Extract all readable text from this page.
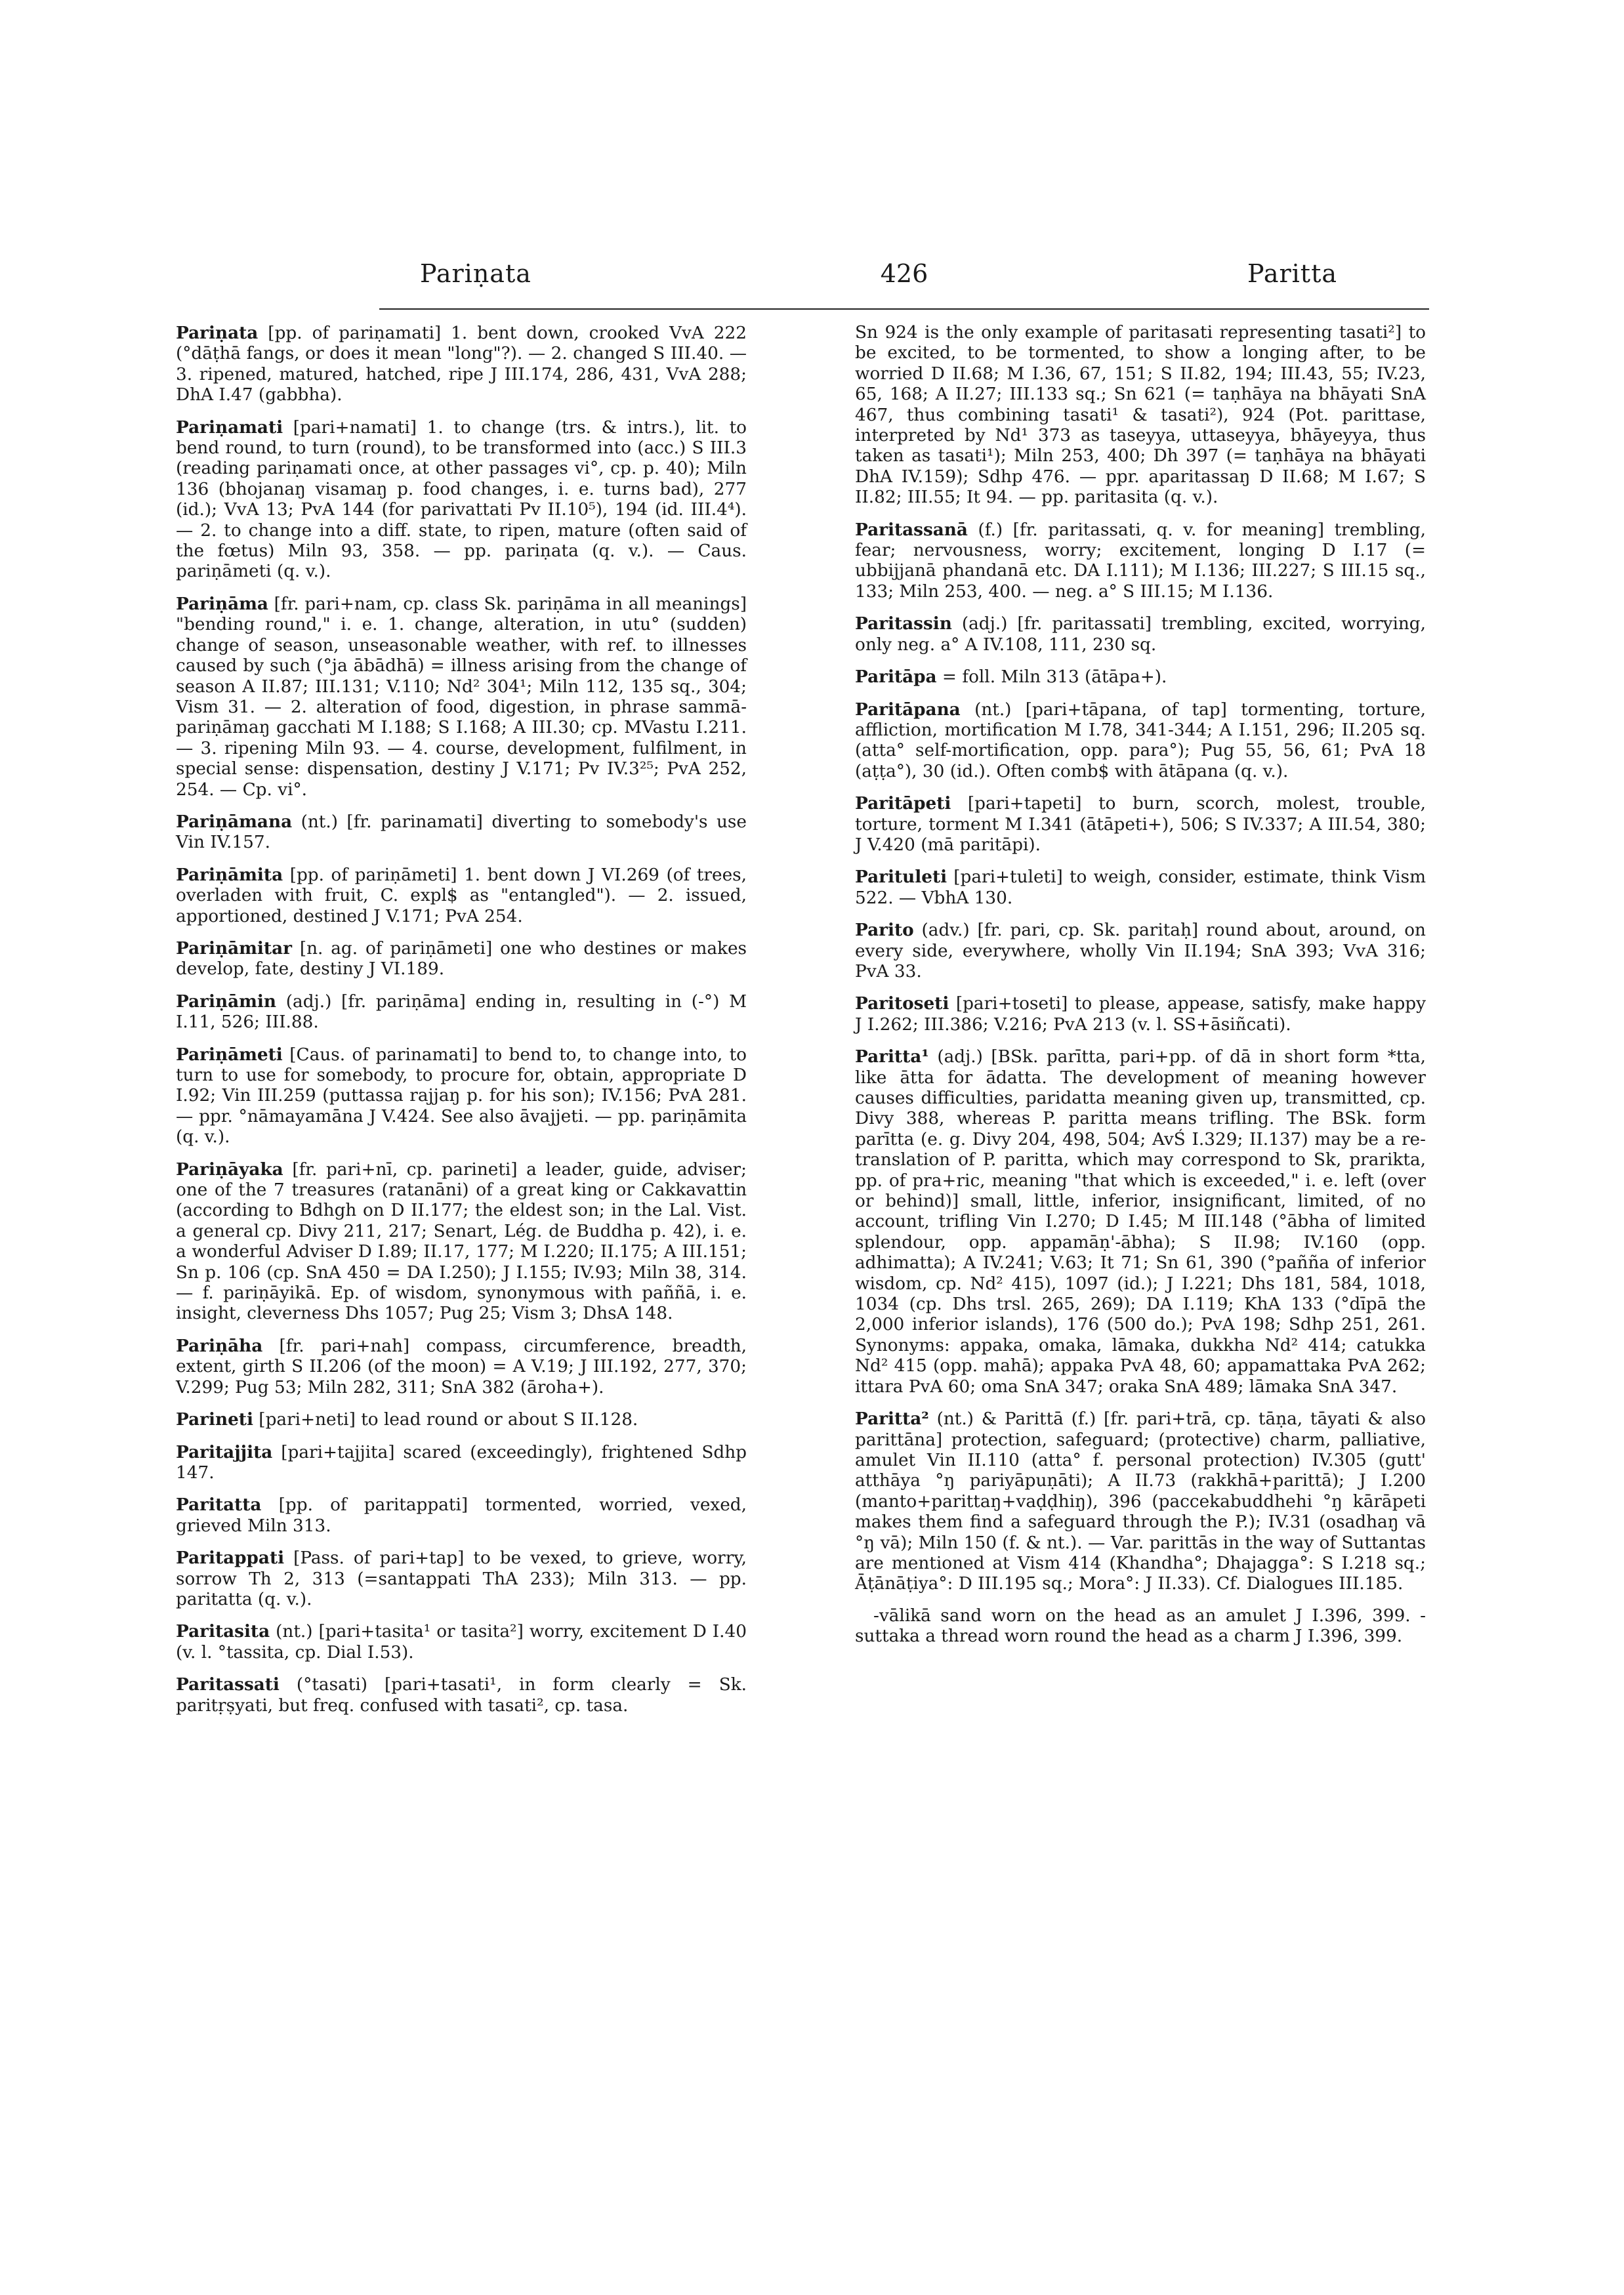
Pariṇata	426	Paritta

Pariṇata [pp. of pariṇamati] 1. bent down, crooked VvA 222 (°dāṭhā fangs, or does it mean "long"?). — 2. changed S III.40. — 3. ripened, matured, hatched, ripe J III.174, 286, 431, VvA 288; DhA I.47 (gabbha).

Pariṇamati [pari+namati] 1. to change (trs. & intrs.), lit. to bend round, to turn (round), to be transformed into (acc.) S III.3 (reading pariṇamati once, at other passages vi°, cp. p. 40); Miln 136 (bhojanaŋ visamaŋ p. food changes, i. e. turns bad), 277 (id.); VvA 13; PvA 144 (for parivattati Pv II.10⁵), 194 (id. III.4⁴). — 2. to change into a diff. state, to ripen, mature (often said of the fœtus) Miln 93, 358. — pp. pariṇata (q. v.). — Caus. pariṇāmeti (q. v.).

Pariṇāma [fr. pari+nam, cp. class Sk. pariṇāma in all meanings] "bending round," i. e. 1. change, alteration, in utu° (sudden) change of season, unseasonable weather, with ref. to illnesses caused by such (°ja ābādhā) = illness arising from the change of season A II.87; III.131; V.110; Nd² 304¹; Miln 112, 135 sq., 304; Vism 31. — 2. alteration of food, digestion, in phrase sammā-pariṇāmaŋ gacchati M I.188; S I.168; A III.30; cp. MVastu I.211. — 3. ripening Miln 93. — 4. course, development, fulfilment, in special sense: dispensation, destiny J V.171; Pv IV.3²⁵; PvA 252, 254. — Cp. vi°.

Pariṇāmana (nt.) [fr. parinamati] diverting to somebody's use Vin IV.157.

Pariṇāmita [pp. of pariṇāmeti] 1. bent down J VI.269 (of trees, overladen with fruit, C. expl$ as "entangled"). — 2. issued, apportioned, destined J V.171; PvA 254.

Pariṇāmitar [n. ag. of pariṇāmeti] one who destines or makes develop, fate, destiny J VI.189.

Pariṇāmin (adj.) [fr. pariṇāma] ending in, resulting in (-°) M I.11, 526; III.88.

Pariṇāmeti [Caus. of parinamati] to bend to, to change into, to turn to use for somebody, to procure for, obtain, appropriate D I.92; Vin III.259 (puttassa rajjaŋ p. for his son); IV.156; PvA 281. — ppr. °nāmayamāna J V.424. See also āvajjeti. — pp. pariṇāmita (q. v.).

Pariṇāyaka [fr. pari+nī, cp. parineti] a leader, guide, adviser; one of the 7 treasures (ratanāni) of a great king or Cakkavattin (according to Bdhgh on D II.177; the eldest son; in the Lal. Vist. a general cp. Divy 211, 217; Senart, Lég. de Buddha p. 42), i. e. a wonderful Adviser D I.89; II.17, 177; M I.220; II.175; A III.151; Sn p. 106 (cp. SnA 450 = DA I.250); J I.155; IV.93; Miln 38, 314. — f. pariṇāyikā. Ep. of wisdom, synonymous with paññā, i. e. insight, cleverness Dhs 1057; Pug 25; Vism 3; DhsA 148.

Pariṇāha [fr. pari+nah] compass, circumference, breadth, extent, girth S II.206 (of the moon) = A V.19; J III.192, 277, 370; V.299; Pug 53; Miln 282, 311; SnA 382 (āroha+).

Parineti [pari+neti] to lead round or about S II.128.

Paritajjita [pari+tajjita] scared (exceedingly), frightened Sdhp 147.

Paritatta [pp. of paritappati] tormented, worried, vexed, grieved Miln 313.

Paritappati [Pass. of pari+tap] to be vexed, to grieve, worry, sorrow Th 2, 313 (=santappati ThA 233); Miln 313. — pp. paritatta (q. v.).

Paritasita (nt.) [pari+tasita¹ or tasita²] worry, excitement D I.40 (v. l. °tassita, cp. Dial I.53).

Paritassati (°tasati) [pari+tasati¹, in form clearly = Sk. paritṛṣyati, but freq. confused with tasati², cp. tasa.

Sn 924 is the only example of paritasati representing tasati²] to be excited, to be tormented, to show a longing after, to be worried D II.68; M I.36, 67, 151; S II.82, 194; III.43, 55; IV.23, 65, 168; A II.27; III.133 sq.; Sn 621 (= taṇhāya na bhāyati SnA 467, thus combining tasati¹ & tasati²), 924 (Pot. parittase, interpreted by Nd¹ 373 as taseyya, uttaseyya, bhāyeyya, thus taken as tasati¹); Miln 253, 400; Dh 397 (= taṇhāya na bhāyati DhA IV.159); Sdhp 476. — ppr. aparitassaŋ D II.68; M I.67; S II.82; III.55; It 94. — pp. paritasita (q. v.).

Paritassanā (f.) [fr. paritassati, q. v. for meaning] trembling, fear; nervousness, worry; excitement, longing D I.17 (= ubbijjanā phandanā etc. DA I.111); M I.136; III.227; S III.15 sq., 133; Miln 253, 400. — neg. a° S III.15; M I.136.

Paritassin (adj.) [fr. paritassati] trembling, excited, worrying, only neg. a° A IV.108, 111, 230 sq.

Paritāpa = foll. Miln 313 (ātāpa+).

Paritāpana (nt.) [pari+tāpana, of tap] tormenting, torture, affliction, mortification M I.78, 341-344; A I.151, 296; II.205 sq. (atta° self-mortification, opp. para°); Pug 55, 56, 61; PvA 18 (aṭṭa°), 30 (id.). Often comb$ with ātāpana (q. v.).

Paritāpeti [pari+tapeti] to burn, scorch, molest, trouble, torture, torment M I.341 (ātāpeti+), 506; S IV.337; A III.54, 380; J V.420 (mā paritāpi).

Parituleti [pari+tuleti] to weigh, consider, estimate, think Vism 522. — VbhA 130.

Parito (adv.) [fr. pari, cp. Sk. paritaḥ] round about, around, on every side, everywhere, wholly Vin II.194; SnA 393; VvA 316; PvA 33.

Paritoseti [pari+toseti] to please, appease, satisfy, make happy J I.262; III.386; V.216; PvA 213 (v. l. SS+āsiñcati).

Paritta¹ (adj.) [BSk. parītta, pari+pp. of dā in short form *tta, like ātta for ādatta. The development of meaning however causes difficulties, paridatta meaning given up, transmitted, cp. Divy 388, whereas P. paritta means trifling. The BSk. form parītta (e. g. Divy 204, 498, 504; AvŚ I.329; II.137) may be a re-translation of P. paritta, which may correspond to Sk, prarikta, pp. of pra+ric, meaning "that which is exceeded," i. e. left (over or behind)] small, little, inferior, insignificant, limited, of no account, trifling Vin I.270; D I.45; M III.148 (°ābha of limited splendour, opp. appamāṇ'-ābha); S II.98; IV.160 (opp. adhimatta); A IV.241; V.63; It 71; Sn 61, 390 (°pañña of inferior wisdom, cp. Nd² 415), 1097 (id.); J I.221; Dhs 181, 584, 1018, 1034 (cp. Dhs trsl. 265, 269); DA I.119; KhA 133 (°dīpā the 2,000 inferior islands), 176 (500 do.); PvA 198; Sdhp 251, 261. Synonyms: appaka, omaka, lāmaka, dukkha Nd² 414; catukka Nd² 415 (opp. mahā); appaka PvA 48, 60; appamattaka PvA 262; ittara PvA 60; oma SnA 347; oraka SnA 489; lāmaka SnA 347.

Paritta² (nt.) & Parittā (f.) [fr. pari+trā, cp. tāṇa, tāyati & also parittāna] protection, safeguard; (protective) charm, palliative, amulet Vin II.110 (atta° f. personal protection) IV.305 (gutt' atthāya °ŋ pariyāpuṇāti); A II.73 (rakkhā+parittā); J I.200 (manto+parittaŋ+vaḍḍhiŋ), 396 (paccekabuddhehi °ŋ kārāpeti makes them find a safeguard through the P.); IV.31 (osadhaŋ vā °ŋ vā); Miln 150 (f. & nt.). — Var. parittās in the way of Suttantas are mentioned at Vism 414 (Khandha°; Dhajagga°: S I.218 sq.; Āṭānāṭiya°: D III.195 sq.; Mora°: J II.33). Cf. Dialogues III.185.

-vālikā sand worn on the head as an amulet J I.396, 399. -suttaka a thread worn round the head as a charm J I.396, 399.
